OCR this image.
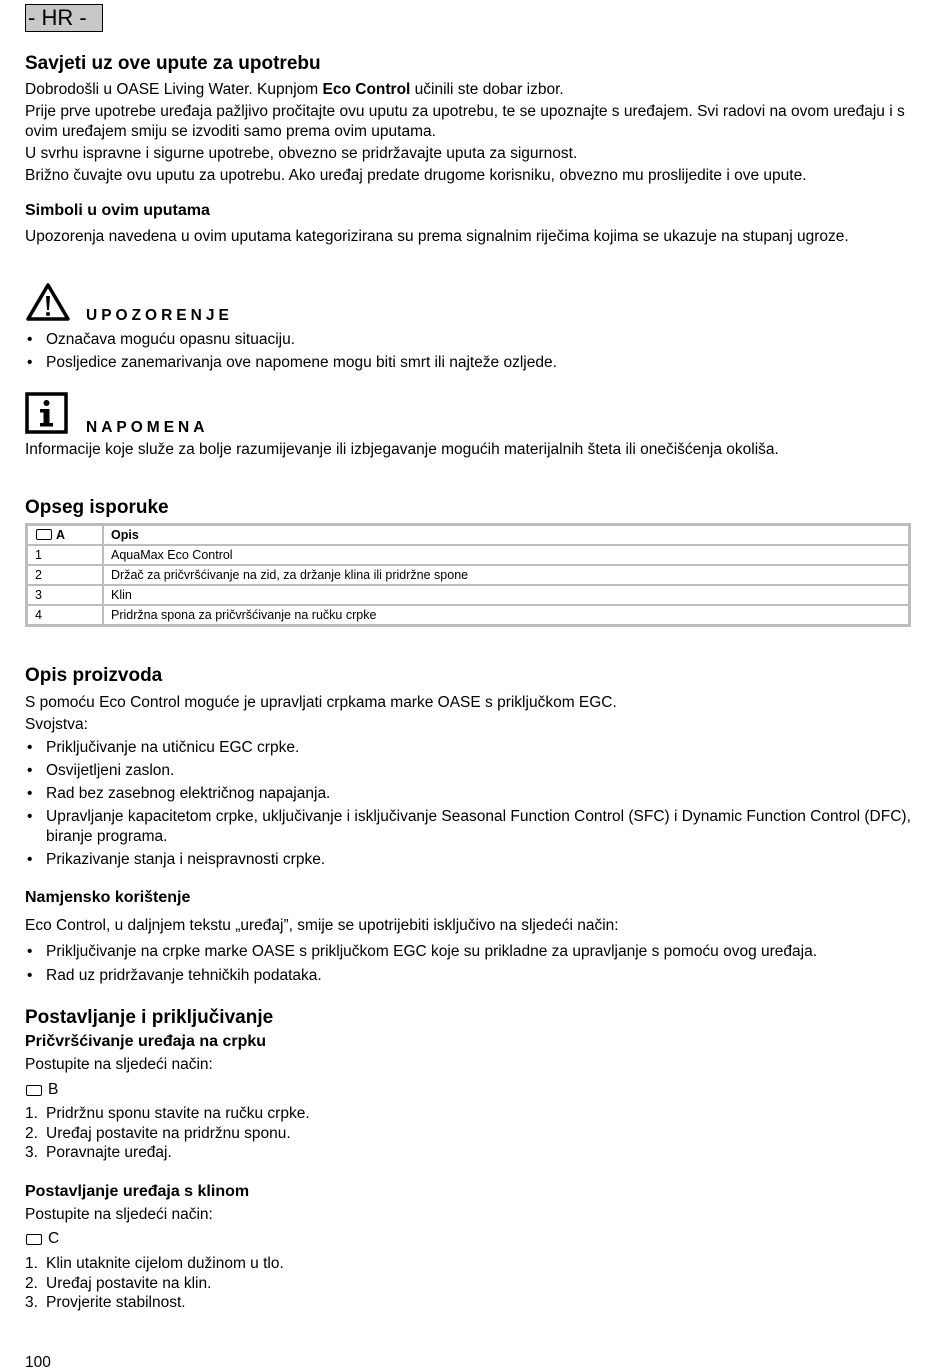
- HR -
Savjeti uz ove upute za upotrebu
Dobrodošli u OASE Living Water. Kupnjom Eco Control učinili ste dobar izbor.
Prije prve upotrebe uređaja pažljivo pročitajte ovu uputu za upotrebu, te se upoznajte s uređajem. Svi radovi na ovom uređaju i s ovim uređajem smiju se izvoditi samo prema ovim uputama.
U svrhu ispravne i sigurne upotrebe, obvezno se pridržavajte uputa za sigurnost.
Brižno čuvajte ovu uputu za upotrebu. Ako uređaj predate drugome korisniku, obvezno mu proslijedite i ove upute.
Simboli u ovim uputama
Upozorenja navedena u ovim uputama kategorizirana su prema signalnim riječima kojima se ukazuje na stupanj ugroze.
UPOZORENJE
• Označava moguću opasnu situaciju.
• Posljedice zanemarivanja ove napomene mogu biti smrt ili najteže ozljede.
NAPOMENA
Informacije koje služe za bolje razumijevanje ili izbjegavanje mogućih materijalnih šteta ili onečišćenja okoliša.
Opseg isporuke
A	Opis
1	AquaMax Eco Control
2	Držač za pričvršćivanje na zid, za držanje klina ili pridržne spone
3	Klin
4	Pridržna spona za pričvršćivanje na ručku crpke
Opis proizvoda
S pomoću Eco Control moguće je upravljati crpkama marke OASE s priključkom EGC.
Svojstva:
• Priključivanje na utičnicu EGC crpke.
• Osvijetljeni zaslon.
• Rad bez zasebnog električnog napajanja.
• Upravljanje kapacitetom crpke, uključivanje i isključivanje Seasonal Function Control (SFC) i Dynamic Function Control (DFC), biranje programa.
• Prikazivanje stanja i neispravnosti crpke.
Namjensko korištenje
Eco Control, u daljnjem tekstu „uređaj”, smije se upotrijebiti isključivo na sljedeći način:
• Priključivanje na crpke marke OASE s priključkom EGC koje su prikladne za upravljanje s pomoću ovog uređaja.
• Rad uz pridržavanje tehničkih podataka.
Postavljanje i priključivanje
Pričvršćivanje uređaja na crpku
Postupite na sljedeći način:
B
1. Pridržnu sponu stavite na ručku crpke.
2. Uređaj postavite na pridržnu sponu.
3. Poravnajte uređaj.
Postavljanje uređaja s klinom
Postupite na sljedeći način:
C
1. Klin utaknite cijelom dužinom u tlo.
2. Uređaj postavite na klin.
3. Provjerite stabilnost.
100
